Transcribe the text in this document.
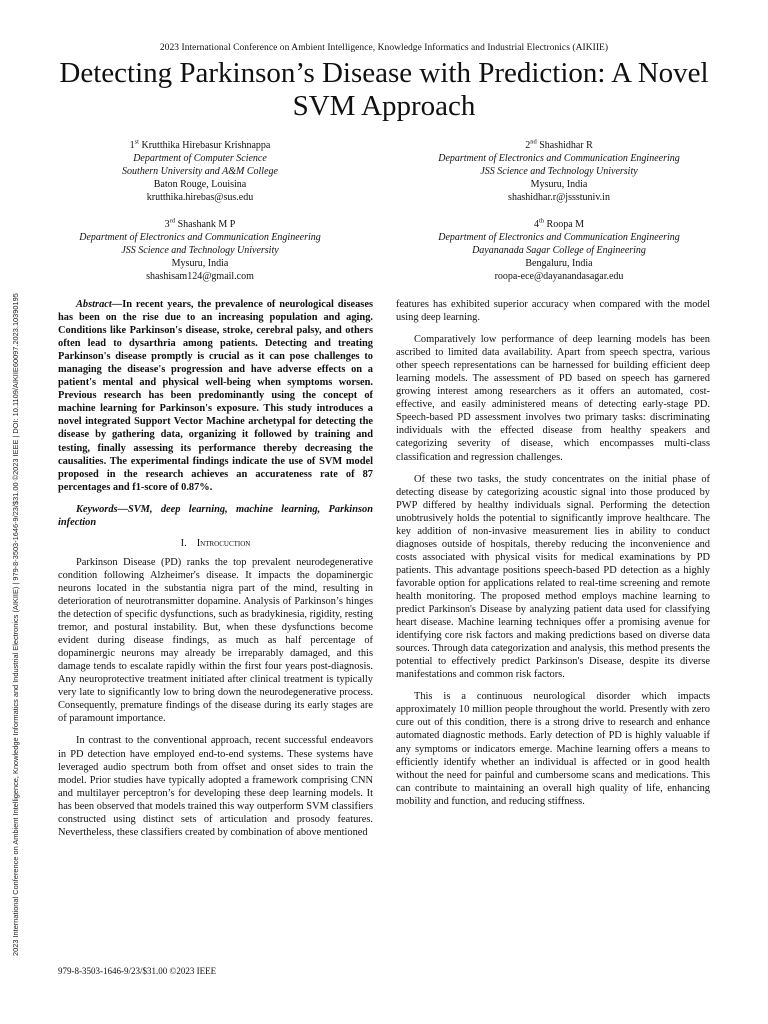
2023 International Conference on Ambient Intelligence, Knowledge Informatics and Industrial Electronics (AIKIIE)
Detecting Parkinson’s Disease with Prediction: A Novel SVM Approach
1st Krutthika Hirebasur Krishnappa
Department of Computer Science
Southern University and A&M College
Baton Rouge, Louisina
krutthika.hirebas@sus.edu
2nd Shashidhar R
Department of Electronics and Communication Engineering
JSS Science and Technology University
Mysuru, India
shashidhar.r@jssstuniv.in
3rd Shashank M P
Department of Electronics and Communication Engineering
JSS Science and Technology University
Mysuru, India
shashisam124@gmail.com
4th Roopa M
Department of Electronics and Communication Engineering
Dayananada Sagar College of Engineering
Bengaluru, India
roopa-ece@dayanandasagar.edu

Abstract—In recent years, the prevalence of neurological diseases has been on the rise due to an increasing population and aging. Conditions like Parkinson's disease, stroke, cerebral palsy, and others often lead to dysarthria among patients. Detecting and treating Parkinson's disease promptly is crucial as it can pose challenges to managing the disease's progression and have adverse effects on a patient's mental and physical well-being when symptoms worsen. Previous research has been predominantly using the concept of machine learning for Parkinson's exposure. This study introduces a novel integrated Support Vector Machine archetypal for detecting the disease by gathering data, organizing it followed by training and testing, finally assessing its performance thereby decreasing the causalities. The experimental findings indicate the use of SVM model proposed in the research achieves an accurateness rate of 87 percentages and f1-score of 0.87%.

Keywords—SVM, deep learning, machine learning, Parkinson infection

I. Introcuction

Parkinson Disease (PD) ranks the top prevalent neurodegenerative condition following Alzheimer's disease. It impacts the dopaminergic neurons located in the substantia nigra part of the mind, resulting in deterioration of neurotransmitter dopamine. Analysis of Parkinson’s hinges the detection of specific dysfunctions, such as bradykinesia, rigidity, resting tremor, and postural instability. But, when these dysfunctions become evident during disease findings, as much as half percentage of dopaminergic neurons may already be irreparably damaged, and this damage tends to escalate rapidly within the first four years post-diagnosis. Any neuroprotective treatment initiated after clinical treatment is typically very late to significantly low to bring down the neurodegenerative process. Consequently, premature findings of the disease during its early stages are of paramount importance.

In contrast to the conventional approach, recent successful endeavors in PD detection have employed end-to-end systems. These systems have leveraged audio spectrum both from offset and onset sides to train the model. Prior studies have typically adopted a framework comprising CNN and multilayer perceptron’s for developing these deep learning models. It has been observed that models trained this way outperform SVM classifiers constructed using distinct sets of articulation and prosody features. Nevertheless, these classifiers created by combination of above mentioned

features has exhibited superior accuracy when compared with the model using deep learning.

Comparatively low performance of deep learning models has been ascribed to limited data availability. Apart from speech spectra, various other speech representations can be harnessed for building efficient deep learning models. The assessment of PD based on speech has garnered growing interest among researchers as it offers an automated, cost-effective, and easily administered means of detecting early-stage PD. Speech-based PD assessment involves two primary tasks: discriminating individuals with the effected disease from healthy speakers and categorizing severity of disease, which encompasses multi-class classification and regression challenges.

Of these two tasks, the study concentrates on the initial phase of detecting disease by categorizing acoustic signal into those produced by PWP differed by healthy individuals signal. Performing the detection unobtrusively holds the potential to significantly improve healthcare. The key addition of non-invasive measurement lies in ability to conduct diagnoses outside of hospitals, thereby reducing the inconvenience and costs associated with physical visits for medical examinations by PD patients. This advantage positions speech-based PD detection as a highly favorable option for applications related to real-time screening and remote health monitoring. The proposed method employs machine learning to predict Parkinson's Disease by analyzing patient data used for classifying heart disease. Machine learning techniques offer a promising avenue for identifying core risk factors and making predictions based on diverse data sources. Through data categorization and analysis, this method presents the potential to effectively predict Parkinson's Disease, despite its diverse manifestations and common risk factors.

This is a continuous neurological disorder which impacts approximately 10 million people throughout the world. Presently with zero cure out of this condition, there is a strong drive to research and enhance automated diagnostic methods. Early detection of PD is highly valuable if any symptoms or indicators emerge. Machine learning offers a means to efficiently identify whether an individual is affected or in good health without the need for painful and cumbersome scans and medications. This can contribute to maintaining an overall high quality of life, enhancing mobility and function, and reducing stiffness.

2023 International Conference on Ambient Intelligence, Knowledge Informatics and Industrial Electronics (AIKIIE) | 979-8-3503-1646-9/23/$31.00 ©2023 IEEE | DOI: 10.1109/AIKIIE60097.2023.10390195
979-8-3503-1646-9/23/$31.00 ©2023 IEEE
